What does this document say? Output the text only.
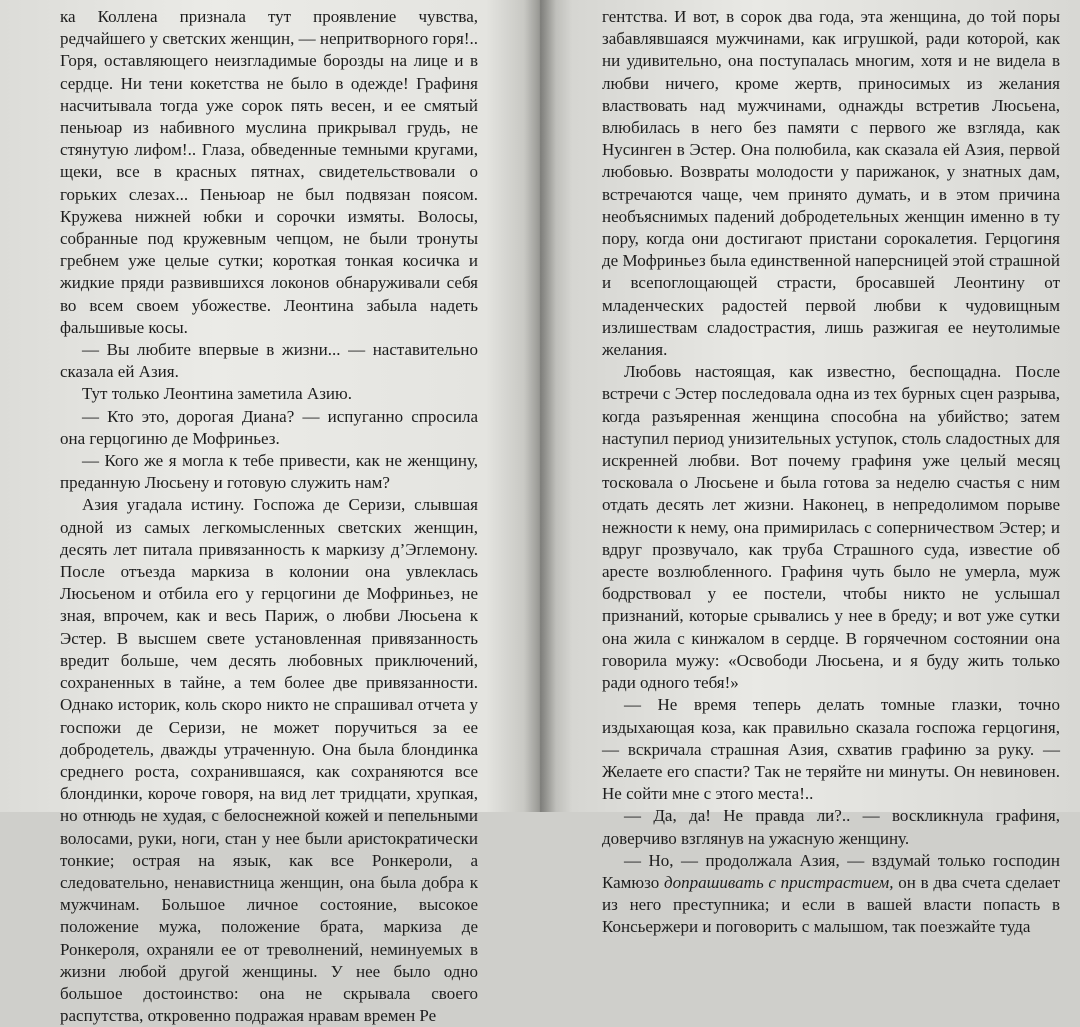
ка Коллена признала тут проявление чувства, редчайшего у светских женщин, — непритворного горя!.. Горя, оставляющего неизгладимые борозды на лице и в сердце. Ни тени кокетства не было в одежде! Графиня насчитывала тогда уже сорок пять весен, и ее смятый пеньюар из набивного муслина прикрывал грудь, не стянутую лифом!.. Глаза, обведенные темными кругами, щеки, все в красных пятнах, свидетельствовали о горьких слезах... Пеньюар не был подвязан поясом. Кружева нижней юбки и сорочки измяты. Волосы, собранные под кружевным чепцом, не были тронуты гребнем уже целые сутки; короткая тонкая косичка и жидкие пряди развившихся локонов обнаруживали себя во всем своем убожестве. Леонтина забыла надеть фальшивые косы.

— Вы любите впервые в жизни... — наставительно сказала ей Азия.

Тут только Леонтина заметила Азию.

— Кто это, дорогая Диана? — испуганно спросила она герцогиню де Мофриньез.

— Кого же я могла к тебе привести, как не женщину, преданную Люсьену и готовую служить нам?

Азия угадала истину. Госпожа де Серизи, слывшая одной из самых легкомысленных светских женщин, десять лет питала привязанность к маркизу д’Эглемону. После отъезда маркиза в колонии она увлеклась Люсьеном и отбила его у герцогини де Мофриньез, не зная, впрочем, как и весь Париж, о любви Люсьена к Эстер. В высшем свете установленная привязанность вредит больше, чем десять любовных приключений, сохраненных в тайне, а тем более две привязанности. Однако историк, коль скоро никто не спрашивал отчета у госпожи де Серизи, не может поручиться за ее добродетель, дважды утраченную. Она была блондинка среднего роста, сохранившаяся, как сохраняются все блондинки, короче говоря, на вид лет тридцати, хрупкая, но отнюдь не худая, с белоснежной кожей и пепельными волосами, руки, ноги, стан у нее были аристократически тонкие; острая на язык, как все Ронкероли, а следовательно, ненавистница женщин, она была добра к мужчинам. Большое личное состояние, высокое положение мужа, положение брата, маркиза де Ронкероля, охраняли ее от треволнений, неминуемых в жизни любой другой женщины. У нее было одно большое достоинство: она не скрывала своего распутства, откровенно подражая нравам времен Ре

гентства. И вот, в сорок два года, эта женщина, до той поры забавлявшаяся мужчинами, как игрушкой, ради которой, как ни удивительно, она поступалась многим, хотя и не видела в любви ничего, кроме жертв, приносимых из желания властвовать над мужчинами, однажды встретив Люсьена, влюбилась в него без памяти с первого же взгляда, как Нусинген в Эстер. Она полюбила, как сказала ей Азия, первой любовью. Возвраты молодости у парижанок, у знатных дам, встречаются чаще, чем принято думать, и в этом причина необъяснимых падений добродетельных женщин именно в ту пору, когда они достигают пристани сорокалетия. Герцогиня де Мофриньез была единственной наперсницей этой страшной и всепоглощающей страсти, бросавшей Леонтину от младенческих радостей первой любви к чудовищным излишествам сладострастия, лишь разжигая ее неутолимые желания.

Любовь настоящая, как известно, беспощадна. После встречи с Эстер последовала одна из тех бурных сцен разрыва, когда разъяренная женщина способна на убийство; затем наступил период унизительных уступок, столь сладостных для искренней любви. Вот почему графиня уже целый месяц тосковала о Люсьене и была готова за неделю счастья с ним отдать десять лет жизни. Наконец, в непредолимом порыве нежности к нему, она примирилась с соперничеством Эстер; и вдруг прозвучало, как труба Страшного суда, известие об аресте возлюбленного. Графиня чуть было не умерла, муж бодрствовал у ее постели, чтобы никто не услышал признаний, которые срывались у нее в бреду; и вот уже сутки она жила с кинжалом в сердце. В горячечном состоянии она говорила мужу: «Освободи Люсьена, и я буду жить только ради одного тебя!»

— Не время теперь делать томные глазки, точно издыхающая коза, как правильно сказала госпожа герцогиня, — вскричала страшная Азия, схватив графиню за руку. — Желаете его спасти? Так не теряйте ни минуты. Он невиновен. Не сойти мне с этого места!..

— Да, да! Не правда ли?.. — воскликнула графиня, доверчиво взглянув на ужасную женщину.

— Но, — продолжала Азия, — вздумай только господин Камюзо допрашивать с пристрастием, он в два счета сделает из него преступника; и если в вашей власти попасть в Консьержери и поговорить с малышом, так поезжайте туда
